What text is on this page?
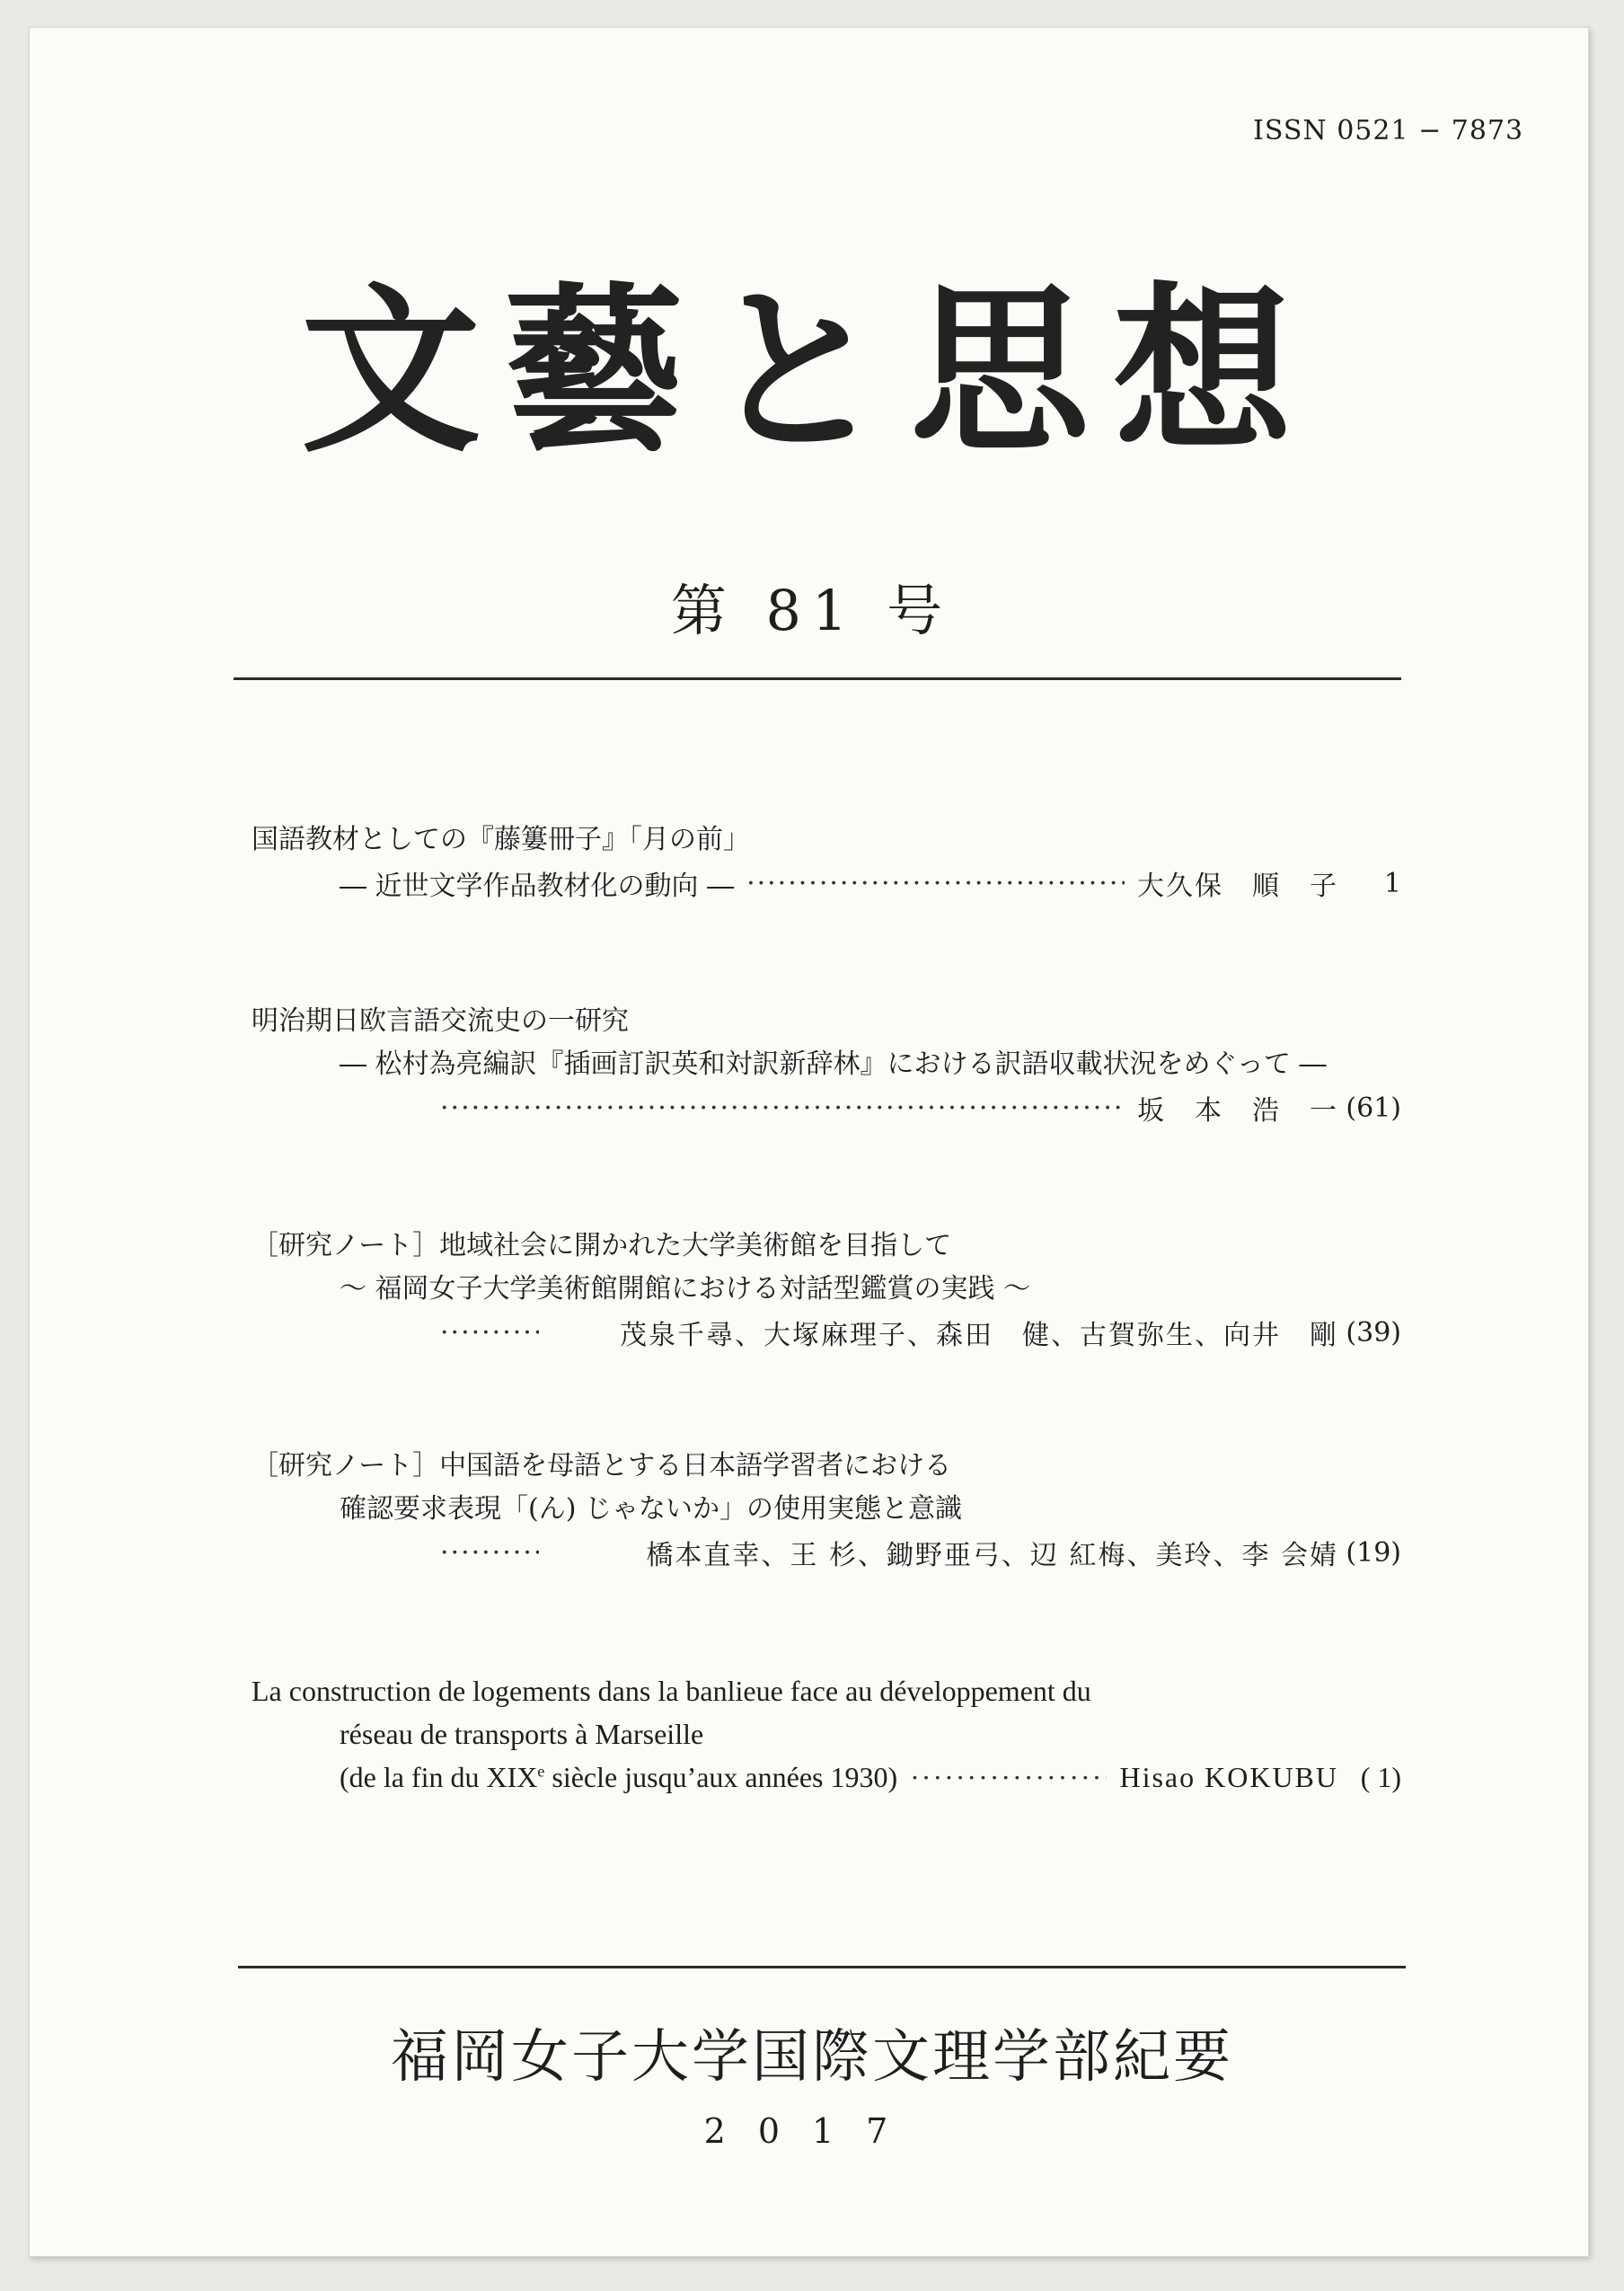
ISSN 0521 − 7873
文藝と思想
第 81 号
国語教材としての『藤簍冊子』「月の前」
― 近世文学作品教材化の動向 ― ·····	大久保　順　子	1
明治期日欧言語交流史の一研究
― 松村為亮編訳『插画訂訳英和対訳新辞林』における訳語収載状況をめぐって ―
·····
坂　本　浩　一 (61)
［研究ノート］地域社会に開かれた大学美術館を目指して
〜 福岡女子大学美術館開館における対話型鑑賞の実践 〜
·····
茂泉千尋、大塚麻理子、森田　健、古賀弥生、向井　剛 (39)
［研究ノート］中国語を母語とする日本語学習者における
確認要求表現「(ん) じゃないか」の使用実態と意識
·····
橋本直幸、王 杉、鋤野亜弓、辺 紅梅、美玲、李 会婧 (19)
La construction de logements dans la banlieue face au développement du
réseau de transports à Marseille
(de la fin du XIXe siècle jusqu’aux années 1930) ·····	Hisao KOKUBU ( 1)
福岡女子大学国際文理学部紀要
2017
